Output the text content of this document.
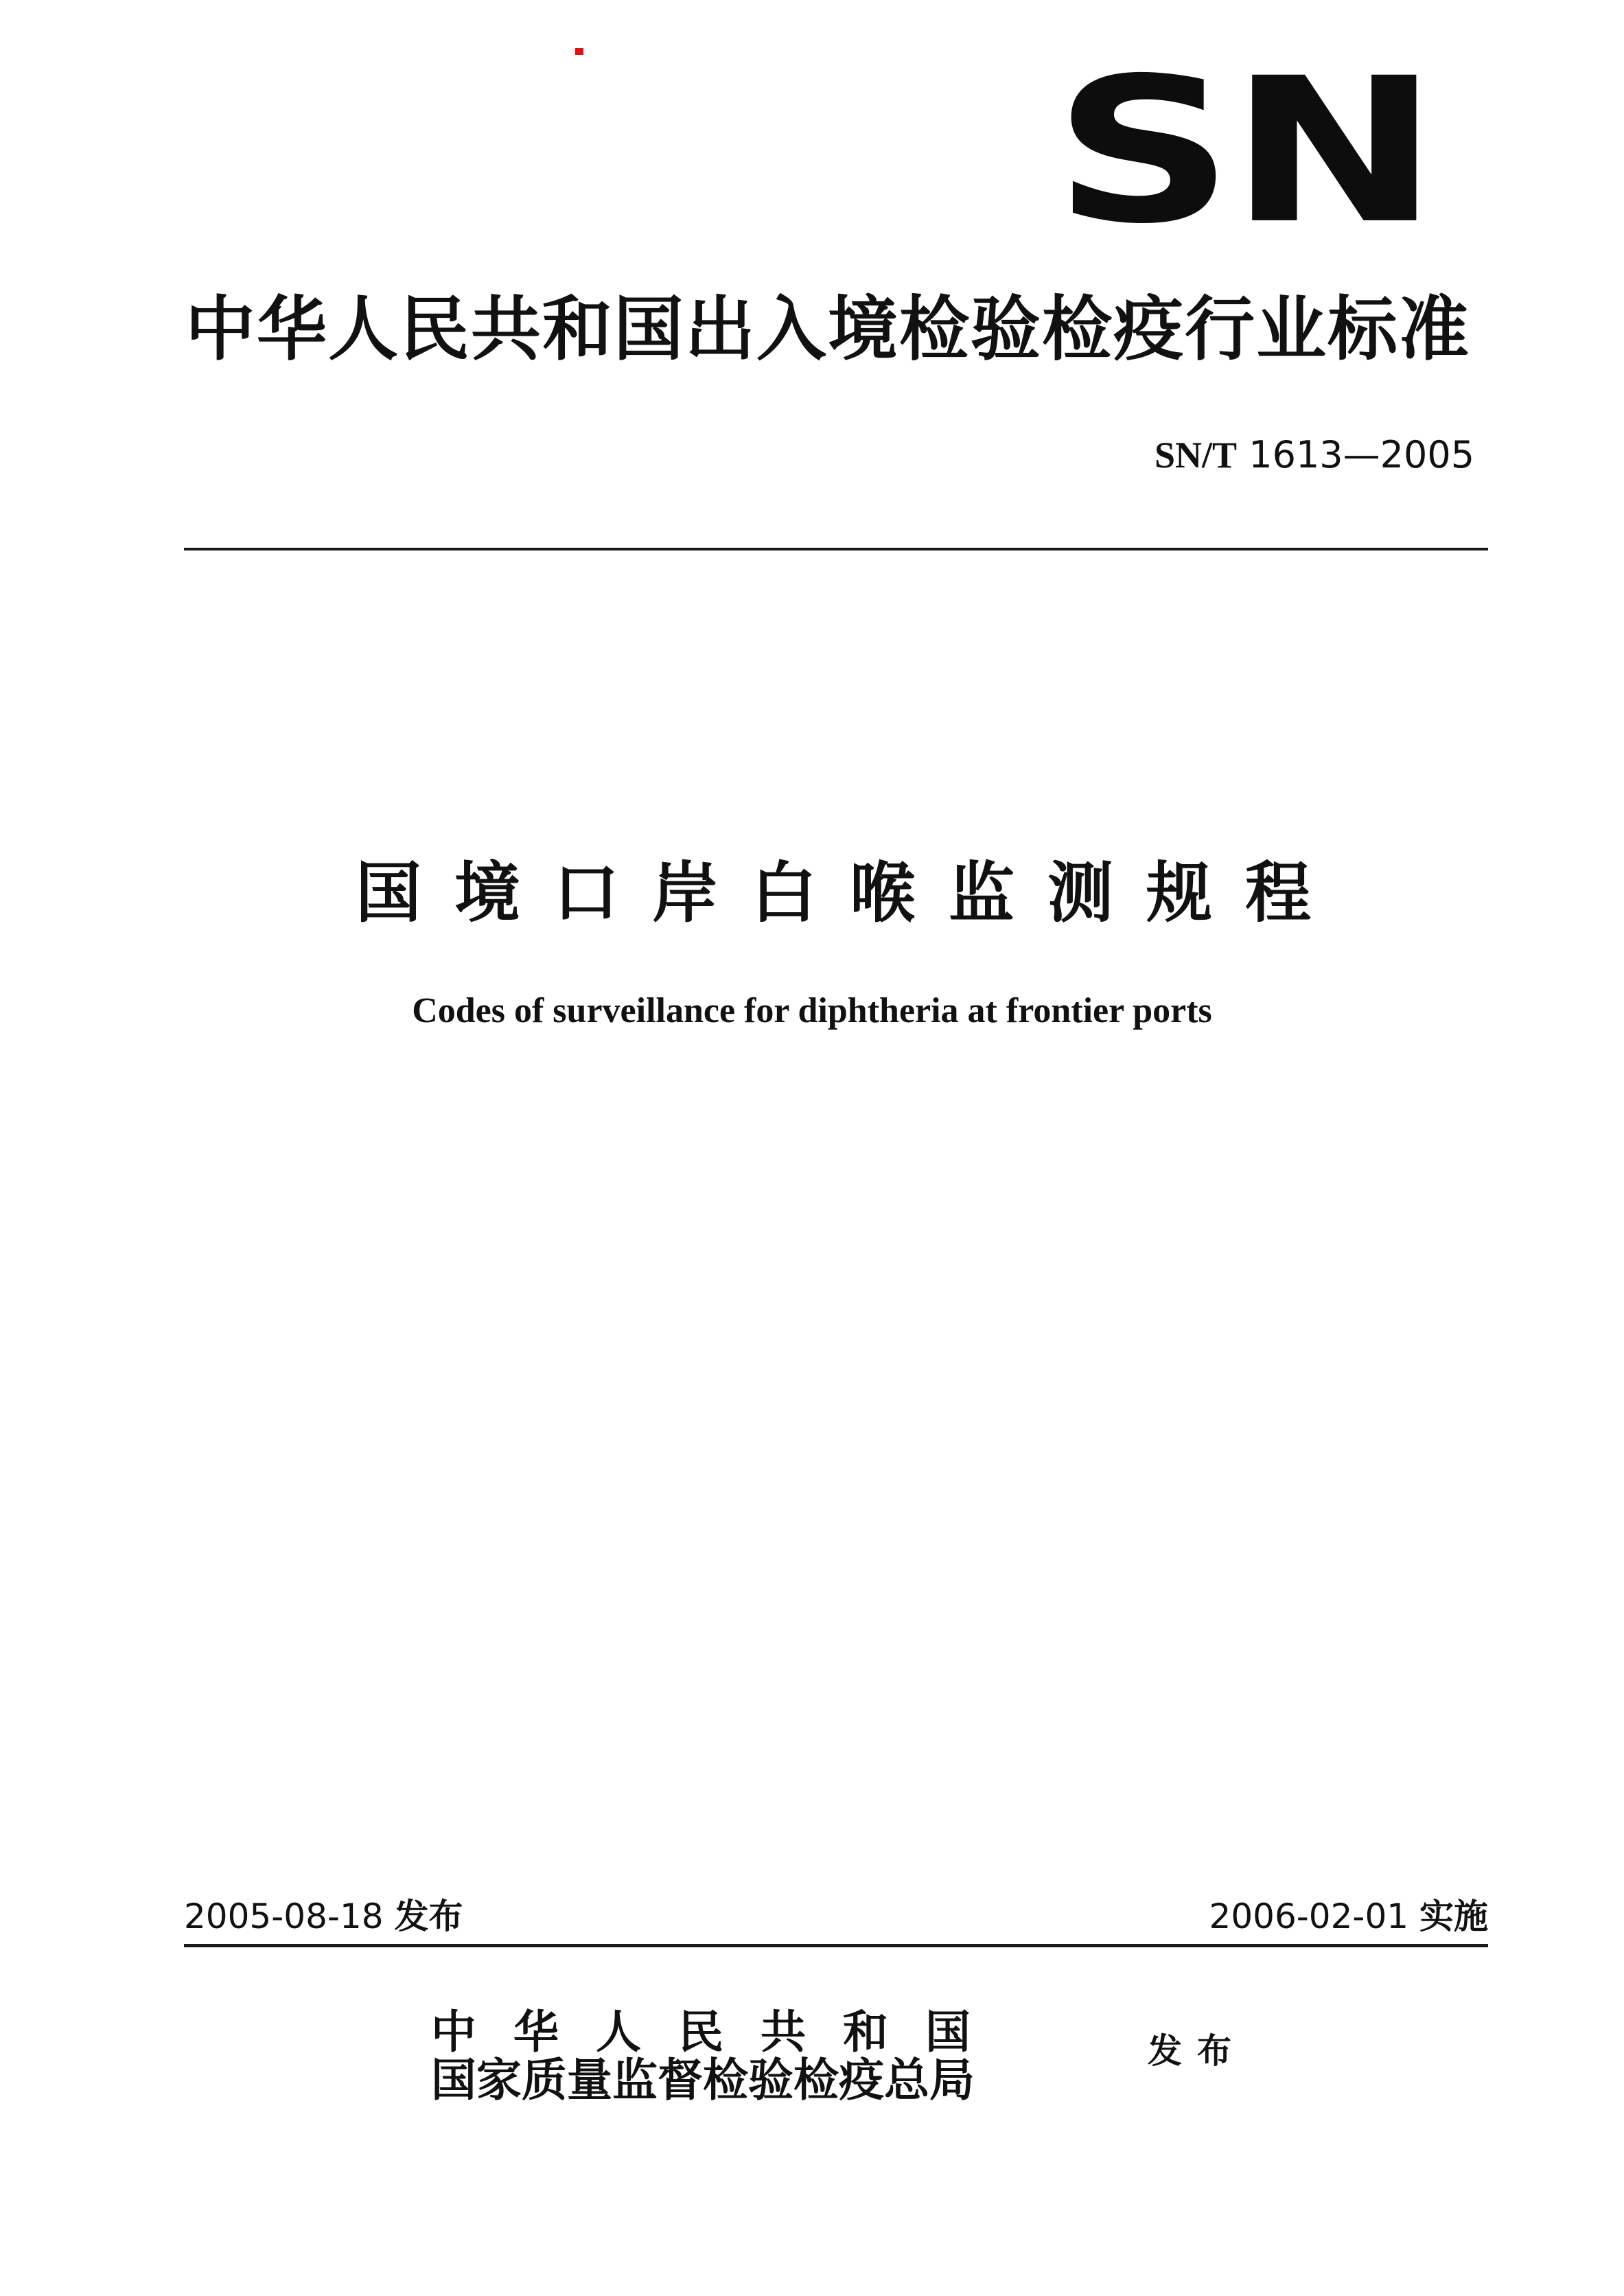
SN
中华人民共和国出入境检验检疫行业标准
SN/T 1613—2005
国境口岸白喉监测规程
Codes of surveillance for diphtheria at frontier ports
2005-08-18 发布	2006-02-01 实施
中华人民共和国
国家质量监督检验检疫总局
发布
